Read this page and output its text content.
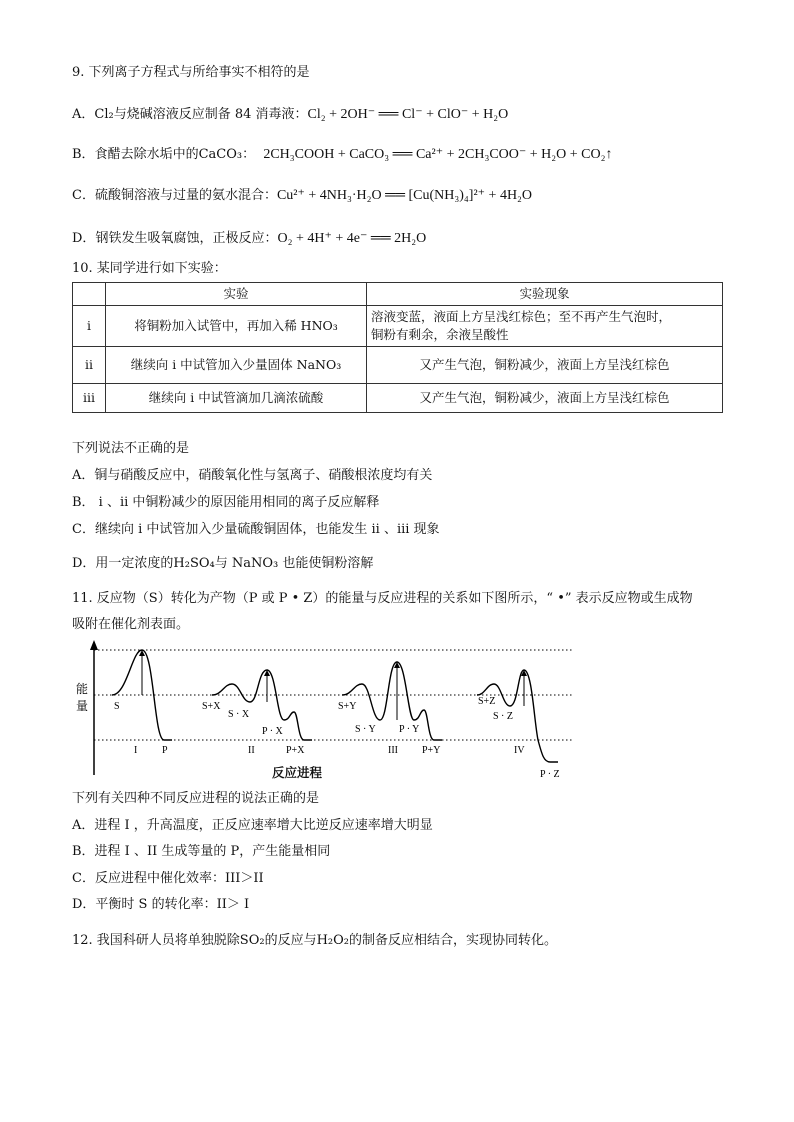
9. 下列离子方程式与所给事实不相符的是
A．Cl₂与烧碱溶液反应制备 84 消毒液：Cl₂ + 2OH⁻ ══ Cl⁻ + ClO⁻ + H₂O
B．食醋去除水垢中的CaCO₃： 2CH₃COOH + CaCO₃ ══ Ca²⁺ + 2CH₃COO⁻ + H₂O + CO₂↑
C．硫酸铜溶液与过量的氨水混合：Cu²⁺ + 4NH₃·H₂O ══ [Cu(NH₃)₄]²⁺ + 4H₂O
D．钢铁发生吸氧腐蚀，正极反应：O₂ + 4H⁺ + 4e⁻ ══ 2H₂O
10. 某同学进行如下实验：
	实验	实验现象
i	将铜粉加入试管中，再加入稀 HNO₃	溶液变蓝，液面上方呈浅红棕色；至不再产生气泡时，
铜粉有剩余，余液呈酸性

ii	继续向 i 中试管加入少量固体 NaNO₃	又产生气泡，铜粉减少，液面上方呈浅红棕色
iii	继续向 i 中试管滴加几滴浓硫酸	又产生气泡，铜粉减少，液面上方呈浅红棕色
下列说法不正确的是
A．铜与硝酸反应中，硝酸氧化性与氢离子、硝酸根浓度均有关
B． i 、ii 中铜粉减少的原因能用相同的离子反应解释
C．继续向 i 中试管加入少量硫酸铜固体，也能发生 ii 、iii 现象
D．用一定浓度的H₂SO₄与 NaNO₃ 也能使铜粉溶解
11. 反应物（S）转化为产物（P 或 P • Z）的能量与反应进程的关系如下图所示，“ •” 表示反应物或生成物
吸附在催化剂表面。
能
量	S
I P
S+X
S · X
P · X
II	P+X
S+Y
S · Y P · Y
III P+Y
S+Z
S · Z
IV
P · Z
反应进程
下列有关四种不同反应进程的说法正确的是
A．进程 I ，升高温度，正反应速率增大比逆反应速率增大明显
B．进程 I 、II 生成等量的 P，产生能量相同
C．反应进程中催化效率：III＞II
D．平衡时 S 的转化率：II＞ I
12. 我国科研人员将单独脱除SO₂的反应与H₂O₂的制备反应相结合，实现协同转化。
